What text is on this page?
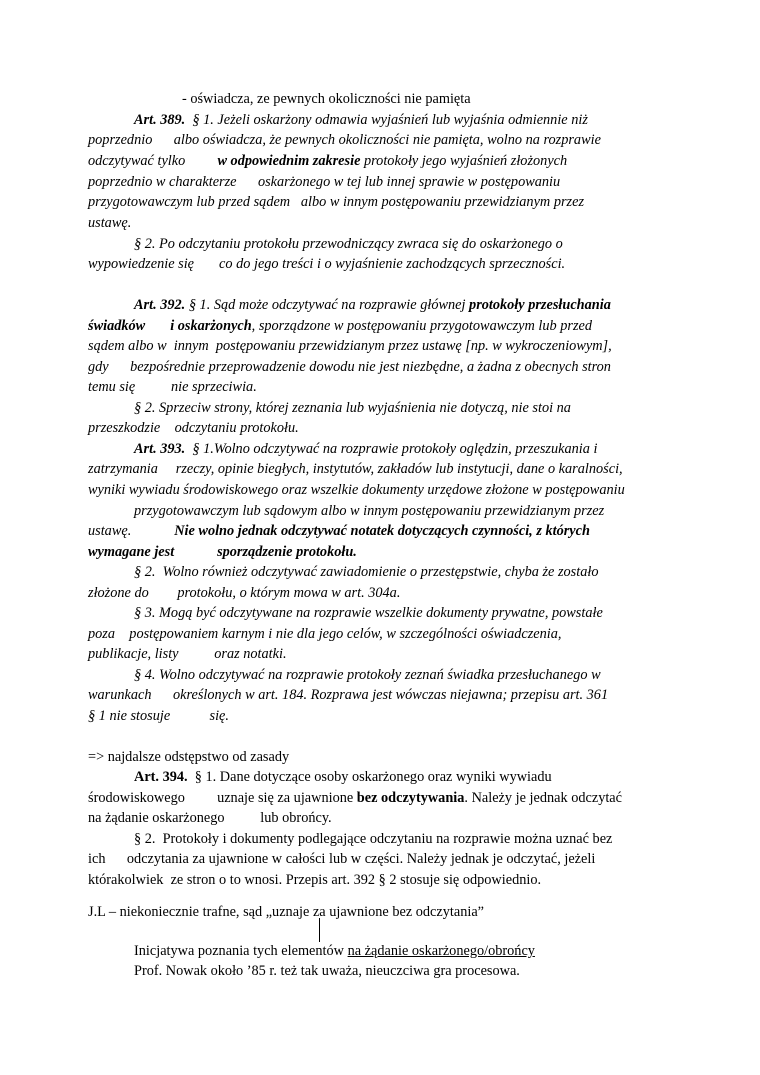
- oświadcza, ze pewnych okoliczności nie pamięta
Art. 389.  § 1. Jeżeli oskarżony odmawia wyjaśnień lub wyjaśnia odmiennie niż
poprzednio      albo oświadcza, że pewnych okoliczności nie pamięta, wolno na rozprawie
odczytywać tylko         w odpowiednim zakresie protokoły jego wyjaśnień złożonych
poprzednio w charakterze      oskarżonego w tej lub innej sprawie w postępowaniu
przygotowawczym lub przed sądem   albo w innym postępowaniu przewidzianym przez
ustawę.
§ 2. Po odczytaniu protokołu przewodniczący zwraca się do oskarżonego o
wypowiedzenie się       co do jego treści i o wyjaśnienie zachodzących sprzeczności.
Art. 392. § 1. Sąd może odczytywać na rozprawie głównej protokoły przesłuchania
świadków i oskarżonych, sporządzone w postępowaniu przygotowawczym lub przed
sądem albo w  innym  postępowaniu przewidzianym przez ustawę [np. w wykroczeniowym],
gdy      bezpośrednie przeprowadzenie dowodu nie jest niezbędne, a żadna z obecnych stron
temu się          nie sprzeciwia.
§ 2. Sprzeciw strony, której zeznania lub wyjaśnienia nie dotyczą, nie stoi na
przeszkodzie    odczytaniu protokołu.
Art. 393.  § 1.Wolno odczytywać na rozprawie protokoły oględzin, przeszukania i
zatrzymania     rzeczy, opinie biegłych, instytutów, zakładów lub instytucji, dane o karalności,
wyniki wywiadu środowiskowego oraz wszelkie dokumenty urzędowe złożone w postępowaniu
przygotowawczym lub sądowym albo w innym postępowaniu przewidzianym przez
ustawę.            Nie wolno jednak odczytywać notatek dotyczących czynności, z których
wymagane jest            sporządzenie protokołu.
§ 2.  Wolno również odczytywać zawiadomienie o przestępstwie, chyba że zostało
złożone do        protokołu, o którym mowa w art. 304a.
§ 3. Mogą być odczytywane na rozprawie wszelkie dokumenty prywatne, powstałe
poza    postępowaniem karnym i nie dla jego celów, w szczególności oświadczenia,
publikacje, listy          oraz notatki.
§ 4. Wolno odczytywać na rozprawie protokoły zeznań świadka przesłuchanego w
warunkach      określonych w art. 184. Rozprawa jest wówczas niejawna; przepisu art. 361
§ 1 nie stosuje           się.
=> najdalsze odstępstwo od zasady
Art. 394.  § 1. Dane dotyczące osoby oskarżonego oraz wyniki wywiadu
środowiskowego         uznaje się za ujawnione bez odczytywania. Należy je jednak odczytać
na żądanie oskarżonego          lub obrońcy.
§ 2.  Protokoły i dokumenty podlegające odczytaniu na rozprawie można uznać bez
ich      odczytania za ujawnione w całości lub w części. Należy jednak je odczytać, jeżeli
którakolwiek  ze stron o to wnosi. Przepis art. 392 § 2 stosuje się odpowiednio.
J.L – niekoniecznie trafne, sąd „uznaje za ujawnione bez odczytania”
Inicjatywa poznania tych elementów na żądanie oskarżonego/obrońcy
Prof. Nowak około ’85 r. też tak uważa, nieuczciwa gra procesowa.
